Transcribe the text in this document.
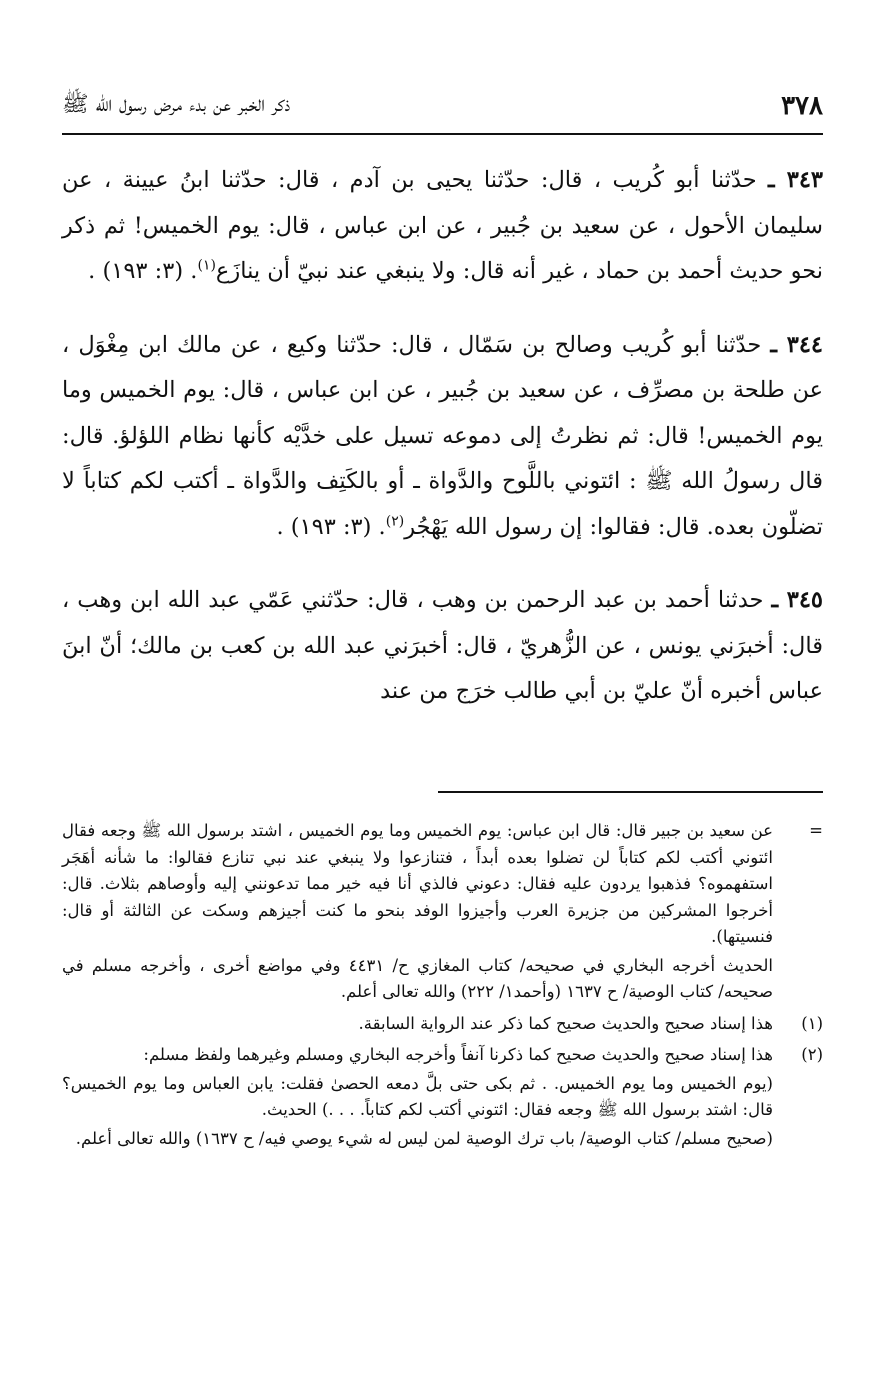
٣٧٨
ذكر الخبر عن بدء مرض رسول الله ﷺ

٣٤٣ ـ حدّثنا أبو كُريب ، قال: حدّثنا يحيى بن آدم ، قال: حدّثنا ابنُ عيينة ، عن سليمان الأحول ، عن سعيد بن جُبير ، عن ابن عباس ، قال: يوم الخميس! ثم ذكر نحو حديث أحمد بن حماد ، غير أنه قال: ولا ينبغي عند نبيّ أن ينازَع$^{(١)}$. (٣: ١٩٣) .

٣٤٤ ـ حدّثنا أبو كُريب وصالح بن سَمّال ، قال: حدّثنا وكيع ، عن مالك ابن مِغْوَل ، عن طلحة بن مصرِّف ، عن سعيد بن جُبير ، عن ابن عباس ، قال: يوم الخميس وما يوم الخميس! قال: ثم نظرتُ إلى دموعه تسيل على خدَّيْه كأنها نظام اللؤلؤ. قال: قال رسولُ الله ﷺ : ائتوني باللَّوح والدَّواة ـ أو بالكَتِف والدَّواة ـ أكتب لكم كتاباً لا تضلّون بعده. قال: فقالوا: إن رسول الله يَهْجُر$^{(٢)}$. (٣: ١٩٣) .

٣٤٥ ـ حدثنا أحمد بن عبد الرحمن بن وهب ، قال: حدّثني عَمّي عبد الله ابن وهب ، قال: أخبرَني يونس ، عن الزُّهريّ ، قال: أخبرَني عبد الله بن كعب بن مالك؛ أنّ ابنَ عباس أخبره أنّ عليّ بن أبي طالب خرَج من عند

=

عن سعيد بن جبير قال: قال ابن عباس: يوم الخميس وما يوم الخميس ، اشتد برسول الله ﷺ وجعه فقال ائتوني أكتب لكم كتاباً لن تضلوا بعده أبداً ، فتنازعوا ولا ينبغي عند نبي تنازع فقالوا: ما شأنه أهَجَر استفهموه؟ فذهبوا يردون عليه فقال: دعوني فالذي أنا فيه خير مما تدعونني إليه وأوصاهم بثلاث. قال: أخرجوا المشركين من جزيرة العرب وأجيزوا الوفد بنحو ما كنت أجيزهم وسكت عن الثالثة أو قال: فنسيتها).

الحديث أخرجه البخاري في صحيحه/ كتاب المغازي ح/ ٤٤٣١ وفي مواضع أخرى ، وأخرجه مسلم في صحيحه/ كتاب الوصية/ ح ١٦٣٧ (وأحمد١/ ٢٢٢) والله تعالى أعلم.

(١)

هذا إسناد صحيح والحديث صحيح كما ذكر عند الرواية السابقة.

(٢)

هذا إسناد صحيح والحديث صحيح كما ذكرنا آنفاً وأخرجه البخاري ومسلم وغيرهما ولفظ مسلم:

(يوم الخميس وما يوم الخميس. . ثم بكى حتى بلَّ دمعه الحصىٰ فقلت: يابن العباس وما يوم الخميس؟ قال: اشتد برسول الله ﷺ وجعه فقال: ائتوني أكتب لكم كتاباً. . . .) الحديث.

(صحيح مسلم/ كتاب الوصية/ باب ترك الوصية لمن ليس له شيء يوصي فيه/ ح ١٦٣٧) والله تعالى أعلم.
